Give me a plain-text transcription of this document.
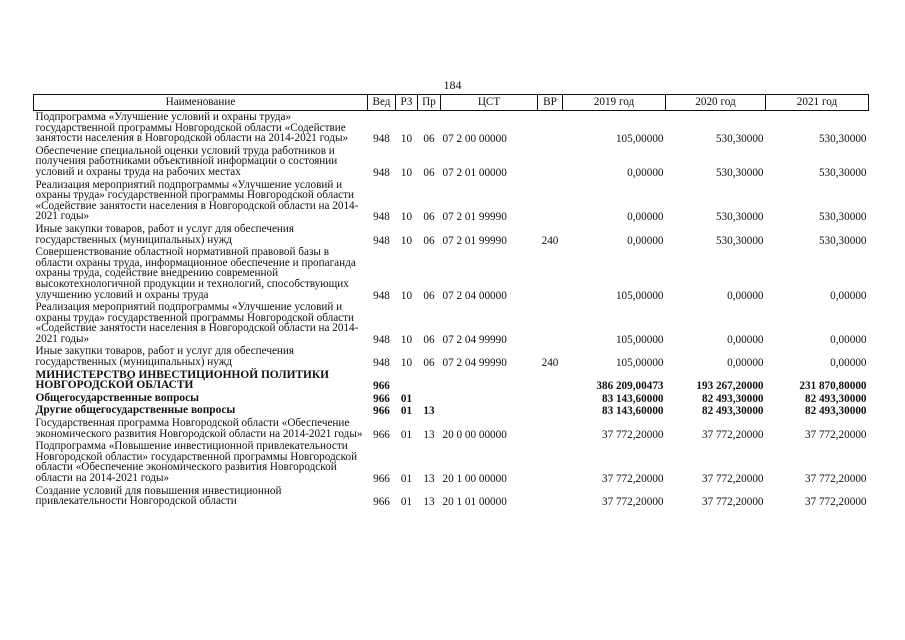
184
Наименование	Вед	РЗ	Пр	ЦСТ	ВР	2019 год	2020 год	2021 год
Подпрограмма «Улучшение условий и охраны труда» государственной программы Новгородской области «Содействие занятости населения в Новгородской области на 2014-2021 годы»	948	10	06	07 2 00 00000		105,00000	530,30000	530,30000
Обеспечение специальной оценки условий труда работников и получения работниками объективной информации о состоянии условий и охраны труда на рабочих местах	948	10	06	07 2 01 00000		0,00000	530,30000	530,30000
Реализация мероприятий подпрограммы «Улучшение условий и охраны труда» государственной программы Новгородской области «Содействие занятости населения в Новгородской области на 2014-2021 годы»	948	10	06	07 2 01 99990		0,00000	530,30000	530,30000
Иные закупки товаров, работ и услуг для обеспечения государственных (муниципальных) нужд	948	10	06	07 2 01 99990	240	0,00000	530,30000	530,30000
Совершенствование областной нормативной правовой базы в области охраны труда, информационное обеспечение и пропаганда охраны труда, содействие внедрению современной высокотехнологичной продукции и технологий, способствующих улучшению условий и охраны труда	948	10	06	07 2 04 00000		105,00000	0,00000	0,00000
Реализация мероприятий подпрограммы «Улучшение условий и охраны труда» государственной программы Новгородской области «Содействие занятости населения в Новгородской области на 2014-2021 годы»	948	10	06	07 2 04 99990		105,00000	0,00000	0,00000
Иные закупки товаров, работ и услуг для обеспечения государственных (муниципальных) нужд	948	10	06	07 2 04 99990	240	105,00000	0,00000	0,00000
МИНИСТЕРСТВО ИНВЕСТИЦИОННОЙ ПОЛИТИКИ НОВГОРОДСКОЙ ОБЛАСТИ	966					386 209,00473	193 267,20000	231 870,80000
Общегосударственные вопросы	966	01				83 143,60000	82 493,30000	82 493,30000
Другие общегосударственные вопросы	966	01	13			83 143,60000	82 493,30000	82 493,30000
Государственная программа Новгородской области «Обеспечение экономического развития Новгородской области на 2014-2021 годы»	966	01	13	20 0 00 00000		37 772,20000	37 772,20000	37 772,20000
Подпрограмма «Повышение инвестиционной привлекательности Новгородской области» государственной программы Новгородской области «Обеспечение экономического развития Новгородской области на 2014-2021 годы»	966	01	13	20 1 00 00000		37 772,20000	37 772,20000	37 772,20000
Создание условий для повышения инвестиционной привлекательности Новгородской области	966	01	13	20 1 01 00000		37 772,20000	37 772,20000	37 772,20000
